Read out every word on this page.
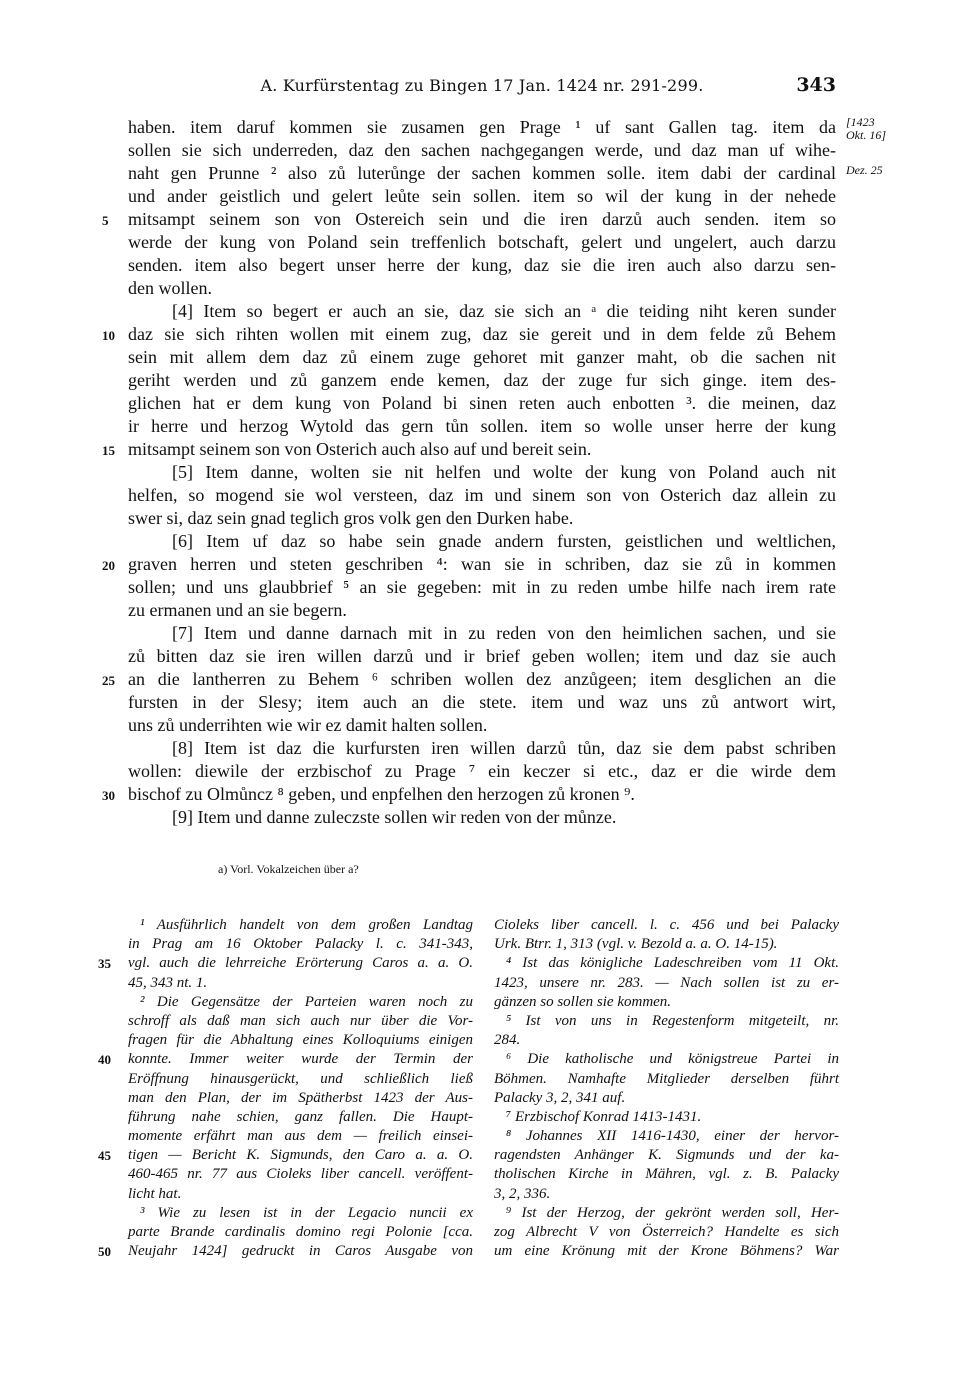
A. Kurfürstentag zu Bingen 17 Jan. 1424 nr. 291-299.	343
[1423
Okt. 16]
Dez. 25
haben. item daruf kommen sie zusamen gen Prage ¹ uf sant Gallen tag. item da
sollen sie sich underreden, daz den sachen nachgegangen werde, und daz man uf wihe-
naht gen Prunne ² also zů luterůnge der sachen kommen solle. item dabi der cardinal
und ander geistlich und gelert leůte sein sollen. item so wil der kung in der nehede
5 mitsampt seinem son von Ostereich sein und die iren darzů auch senden. item so
werde der kung von Poland sein treffenlich botschaft, gelert und ungelert, auch darzu
senden. item also begert unser herre der kung, daz sie die iren auch also darzu sen-
den wollen.
[4] Item so begert er auch an sie, daz sie sich an ᵃ die teiding niht keren sunder
10 daz sie sich rihten wollen mit einem zug, daz sie gereit und in dem felde zů Behem
sein mit allem dem daz zů einem zuge gehoret mit ganzer maht, ob die sachen nit
geriht werden und zů ganzem ende kemen, daz der zuge fur sich ginge. item des-
glichen hat er dem kung von Poland bi sinen reten auch enbotten ³. die meinen, daz
ir herre und herzog Wytold das gern tůn sollen. item so wolle unser herre der kung
15 mitsampt seinem son von Osterich auch also auf und bereit sein.
[5] Item danne, wolten sie nit helfen und wolte der kung von Poland auch nit
helfen, so mogend sie wol versteen, daz im und sinem son von Osterich daz allein zu
swer si, daz sein gnad teglich gros volk gen den Durken habe.
[6] Item uf daz so habe sein gnade andern fursten, geistlichen und weltlichen,
20 graven herren und steten geschriben ⁴: wan sie in schriben, daz sie zů in kommen
sollen; und uns glaubbrief ⁵ an sie gegeben: mit in zu reden umbe hilfe nach irem rate
zu ermanen und an sie begern.
[7] Item und danne darnach mit in zu reden von den heimlichen sachen, und sie
zů bitten daz sie iren willen darzů und ir brief geben wollen; item und daz sie auch
25 an die lantherren zu Behem ⁶ schriben wollen dez anzůgeen; item desglichen an die
fursten in der Slesy; item auch an die stete. item und waz uns zů antwort wirt,
uns zů underrihten wie wir ez damit halten sollen.
[8] Item ist daz die kurfursten iren willen darzů tůn, daz sie dem pabst schriben
wollen: diewile der erzbischof zu Prage ⁷ ein keczer si etc., daz er die wirde dem
30 bischof zu Olmůncz ⁸ geben, und enpfelhen den herzogen zů kronen ⁹.
[9] Item und danne zuleczste sollen wir reden von der můnze.
a) Vorl. Vokalzeichen über a?
¹ Ausführlich handelt von dem großen Landtag
in Prag am 16 Oktober Palacky l. c. 341-343,
35 vgl. auch die lehrreiche Erörterung Caros a. a. O.
45, 343 nt. 1.
² Die Gegensätze der Parteien waren noch zu
schroff als daß man sich auch nur über die Vor-
fragen für die Abhaltung eines Kolloquiums einigen
40 konnte. Immer weiter wurde der Termin der
Eröffnung hinausgerückt, und schließlich ließ
man den Plan, der im Spätherbst 1423 der Aus-
führung nahe schien, ganz fallen. Die Haupt-
momente erfährt man aus dem — freilich einsei-
45 tigen — Bericht K. Sigmunds, den Caro a. a. O.
460-465 nr. 77 aus Cioleks liber cancell. veröffent-
licht hat.
³ Wie zu lesen ist in der Legacio nuncii ex
parte Brande cardinalis domino regi Polonie [cca.
50 Neujahr 1424] gedruckt in Caros Ausgabe von
Cioleks liber cancell. l. c. 456 und bei Palacky
Urk. Btrr. 1, 313 (vgl. v. Bezold a. a. O. 14-15).
⁴ Ist das königliche Ladeschreiben vom 11 Okt.
1423, unsere nr. 283. — Nach sollen ist zu er-
gänzen so sollen sie kommen.
⁵ Ist von uns in Regestenform mitgeteilt, nr.
284.
⁶ Die katholische und königstreue Partei in
Böhmen. Namhafte Mitglieder derselben führt
Palacky 3, 2, 341 auf.
⁷ Erzbischof Konrad 1413-1431.
⁸ Johannes XII 1416-1430, einer der hervor-
ragendsten Anhänger K. Sigmunds und der ka-
tholischen Kirche in Mähren, vgl. z. B. Palacky
3, 2, 336.
⁹ Ist der Herzog, der gekrönt werden soll, Her-
zog Albrecht V von Österreich? Handelte es sich
um eine Krönung mit der Krone Böhmens? War
